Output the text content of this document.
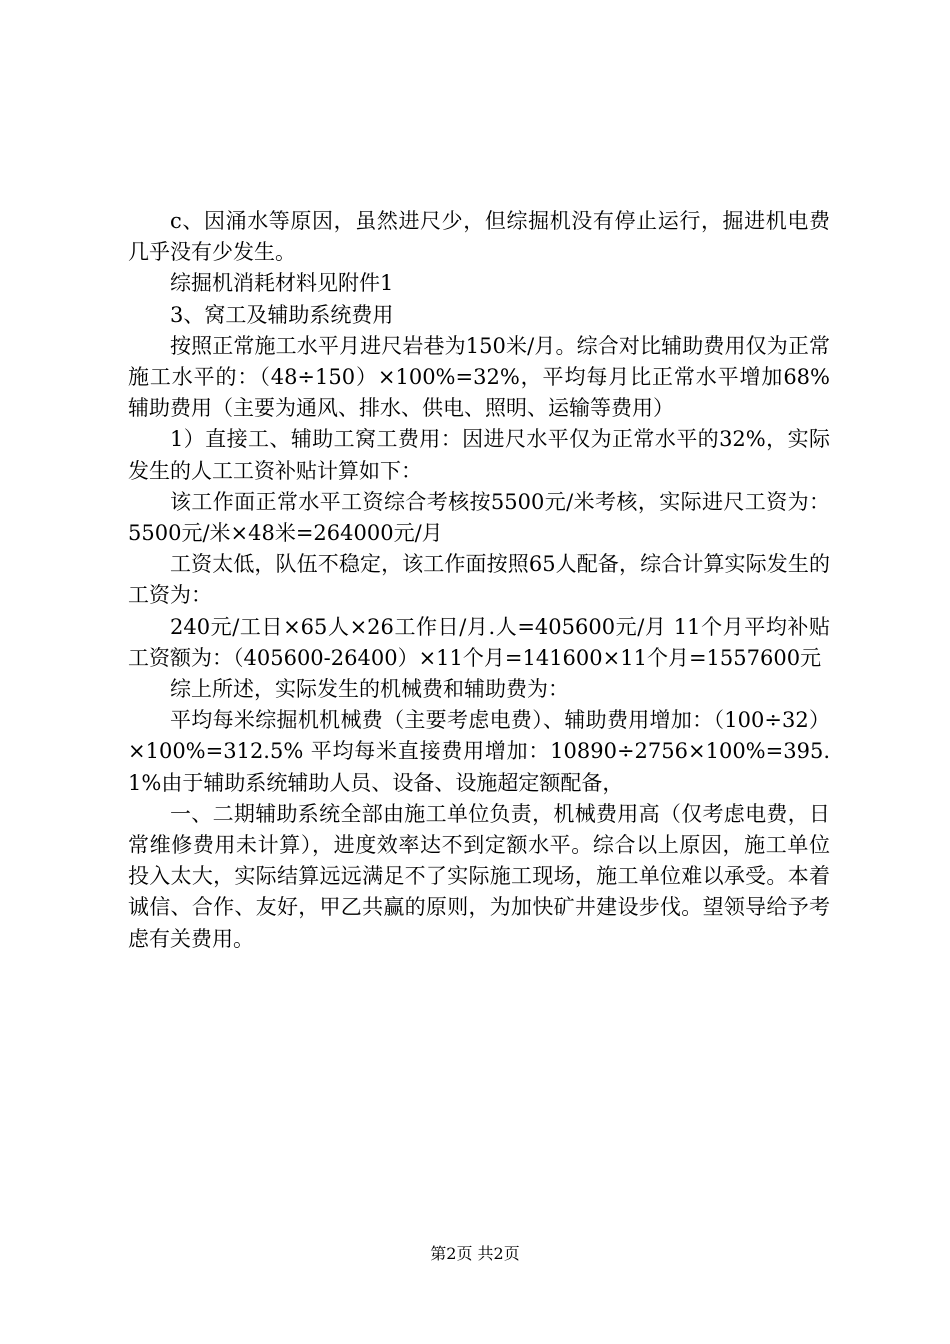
c、因涌水等原因，虽然进尺少，但综掘机没有停止运行，掘进机电费几乎没有少发生。

综掘机消耗材料见附件1

3、窝工及辅助系统费用

按照正常施工水平月进尺岩巷为150米/月。综合对比辅助费用仅为正常施工水平的：（48÷150）×100%=32%，平均每月比正常水平增加68%辅助费用（主要为通风、排水、供电、照明、运输等费用）

1）直接工、辅助工窝工费用：因进尺水平仅为正常水平的32%，实际发生的人工工资补贴计算如下：

该工作面正常水平工资综合考核按5500元/米考核，实际进尺工资为：5500元/米×48米=264000元/月

工资太低，队伍不稳定，该工作面按照65人配备，综合计算实际发生的工资为：

240元/工日×65人×26工作日/月.人=405600元/月 11个月平均补贴工资额为：（405600-26400）×11个月=141600×11个月=1557600元

综上所述，实际发生的机械费和辅助费为：

平均每米综掘机机械费（主要考虑电费）、辅助费用增加：（100÷32）×100%=312.5% 平均每米直接费用增加：10890÷2756×100%=395.1%由于辅助系统辅助人员、设备、设施超定额配备，

一、二期辅助系统全部由施工单位负责，机械费用高（仅考虑电费，日常维修费用未计算），进度效率达不到定额水平。综合以上原因，施工单位投入太大，实际结算远远满足不了实际施工现场，施工单位难以承受。本着诚信、合作、友好，甲乙共赢的原则，为加快矿井建设步伐。望领导给予考虑有关费用。

第2页 共2页
